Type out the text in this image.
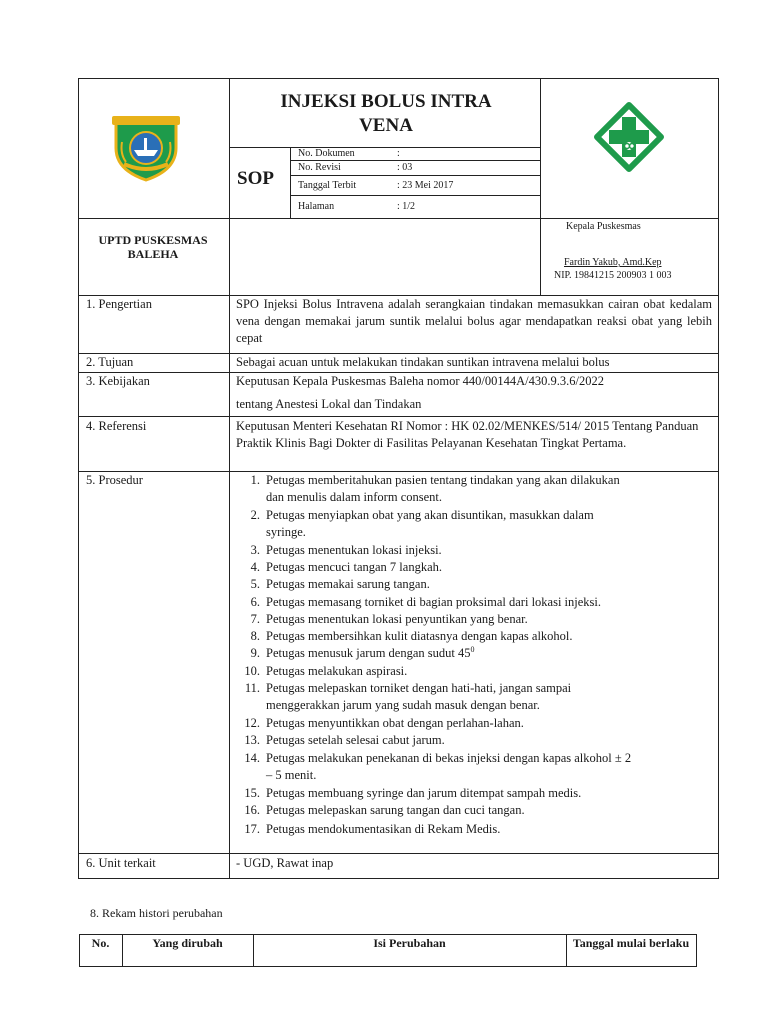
INJEKSI BOLUS INTRA VENA
SOP
No. Dokumen	:
No. Revisi	: 03
Tanggal Terbit	: 23 Mei 2017
Halaman	: 1/2
UPTD PUSKESMAS BALEHA
Kepala Puskesmas
Fardin Yakub, Amd.Kep
NIP. 19841215 200903 1 003
1. Pengertian	SPO Injeksi Bolus Intravena adalah serangkaian tindakan memasukkan cairan obat kedalam vena dengan memakai jarum suntik melalui bolus agar mendapatkan reaksi obat yang lebih cepat
2. Tujuan	Sebagai acuan untuk melakukan tindakan suntikan intravena melalui bolus
3. Kebijakan	Keputusan Kepala Puskesmas Baleha nomor 440/00144A/430.9.3.6/2022
tentang Anestesi Lokal dan Tindakan
4. Referensi	Keputusan Menteri Kesehatan RI Nomor : HK 02.02/MENKES/514/ 2015 Tentang Panduan Praktik Klinis Bagi Dokter di Fasilitas Pelayanan Kesehatan Tingkat Pertama.
5. Prosedur	1. Petugas memberitahukan pasien tentang tindakan yang akan dilakukan
dan menulis dalam inform consent.
2. Petugas menyiapkan obat yang akan disuntikan, masukkan dalam
syringe.
3. Petugas menentukan lokasi injeksi.
4. Petugas mencuci tangan 7 langkah.
5. Petugas memakai sarung tangan.
6. Petugas memasang torniket di bagian proksimal dari lokasi injeksi.
7. Petugas menentukan lokasi penyuntikan yang benar.
8. Petugas membersihkan kulit diatasnya dengan kapas alkohol.
9. Petugas menusuk jarum dengan sudut $45^0$
10. Petugas melakukan aspirasi.
11. Petugas melepaskan torniket dengan hati-hati, jangan sampai
menggerakkan jarum yang sudah masuk dengan benar.
12. Petugas menyuntikkan obat dengan perlahan-lahan.
13. Petugas setelah selesai cabut jarum.
14. Petugas melakukan penekanan di bekas injeksi dengan kapas alkohol ± 2
– 5 menit.
15. Petugas membuang syringe dan jarum ditempat sampah medis.
16. Petugas melepaskan sarung tangan dan cuci tangan.
17. Petugas mendokumentasikan di Rekam Medis.
6. Unit terkait	- UGD, Rawat inap
8. Rekam histori perubahan
No.	Yang dirubah	Isi Perubahan	Tanggal mulai berlaku
